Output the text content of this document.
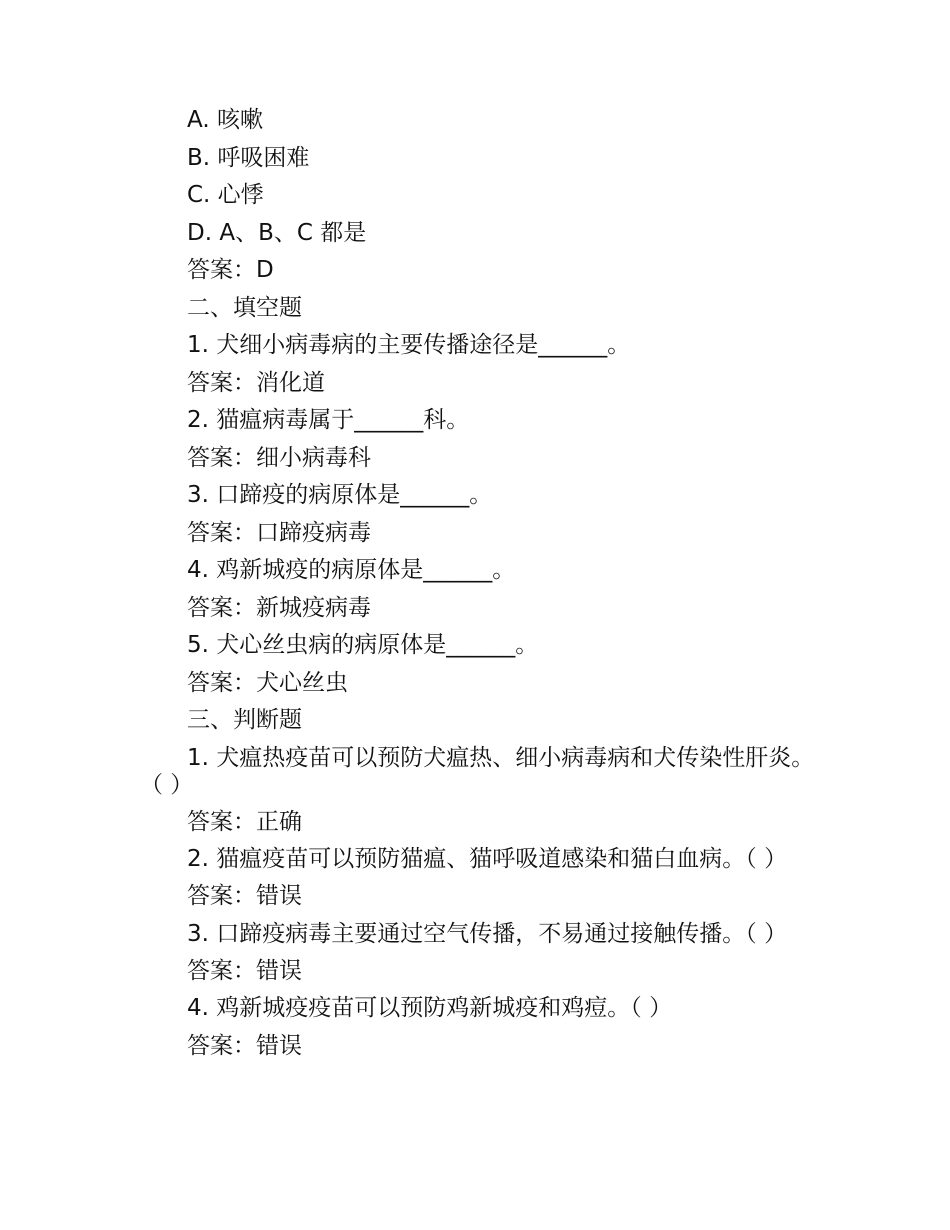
A. 咳嗽

B. 呼吸困难

C. 心悸

D. A、B、C 都是

答案：D

二、填空题

1. 犬细小病毒病的主要传播途径是______。

答案：消化道

2. 猫瘟病毒属于______科。

答案：细小病毒科

3. 口蹄疫的病原体是______。

答案：口蹄疫病毒

4. 鸡新城疫的病原体是______。

答案：新城疫病毒

5. 犬心丝虫病的病原体是______。

答案：犬心丝虫

三、判断题

1. 犬瘟热疫苗可以预防犬瘟热、细小病毒病和犬传染性肝炎。（ ）

答案：正确

2. 猫瘟疫苗可以预防猫瘟、猫呼吸道感染和猫白血病。（ ）

答案：错误

3. 口蹄疫病毒主要通过空气传播，不易通过接触传播。（ ）

答案：错误

4. 鸡新城疫疫苗可以预防鸡新城疫和鸡痘。（ ）

答案：错误
